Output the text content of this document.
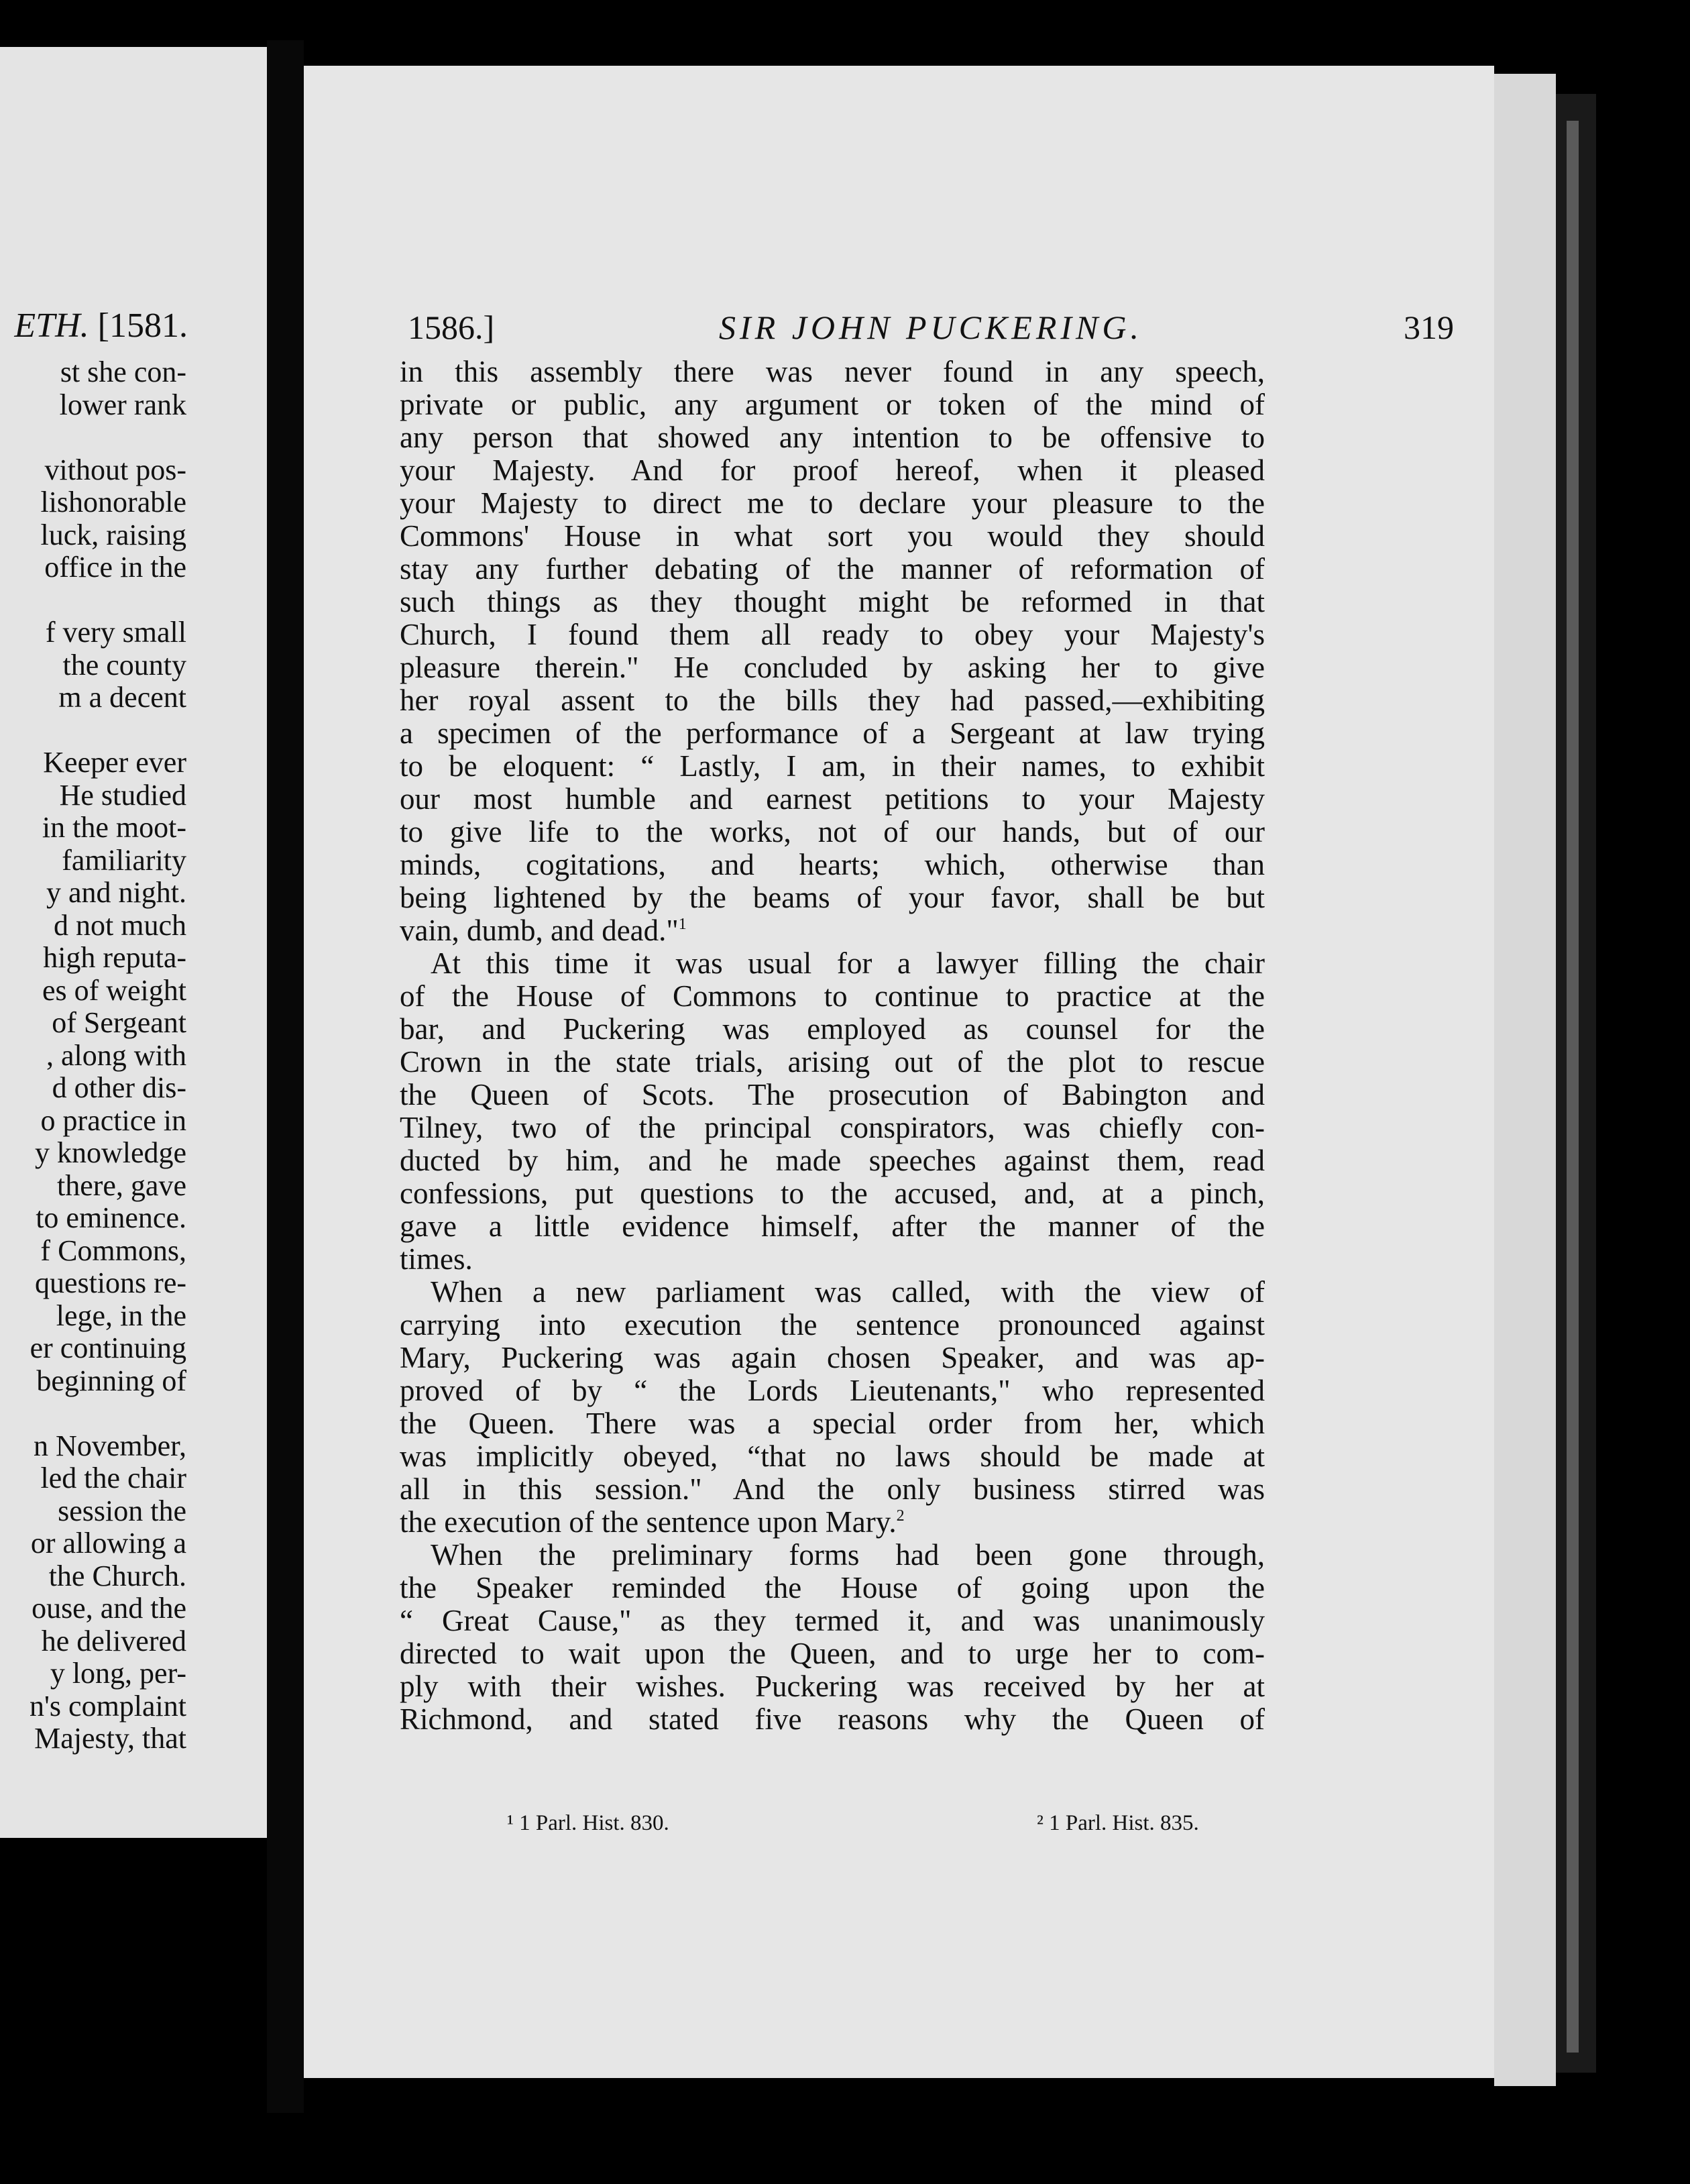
ETH. [1581.
st she con-
lower rank
vithout pos-
lishonorable
luck, raising
office in the
f very small
the county
m a decent
Keeper ever
He studied
in the moot-
familiarity
y and night.
d not much
high reputa-
es of weight
of Sergeant
, along with
d other dis-
o practice in
y knowledge
there, gave
to eminence.
f Commons,
questions re-
lege, in the
er continuing
beginning of
n November,
led the chair
session the
or allowing a
the Church.
ouse, and the
he delivered
y long, per-
n's complaint
Majesty, that
1586.]	SIR JOHN PUCKERING.	319
in this assembly there was never found in any speech,
private or public, any argument or token of the mind of
any person that showed any intention to be offensive to
your Majesty. And for proof hereof, when it pleased
your Majesty to direct me to declare your pleasure to the
Commons' House in what sort you would they should
stay any further debating of the manner of reformation of
such things as they thought might be reformed in that
Church, I found them all ready to obey your Majesty's
pleasure therein." He concluded by asking her to give
her royal assent to the bills they had passed,—exhibiting
a specimen of the performance of a Sergeant at law trying
to be eloquent: “ Lastly, I am, in their names, to exhibit
our most humble and earnest petitions to your Majesty
to give life to the works, not of our hands, but of our
minds, cogitations, and hearts; which, otherwise than
being lightened by the beams of your favor, shall be but
vain, dumb, and dead."$^1$
At this time it was usual for a lawyer filling the chair
of the House of Commons to continue to practice at the
bar, and Puckering was employed as counsel for the
Crown in the state trials, arising out of the plot to rescue
the Queen of Scots. The prosecution of Babington and
Tilney, two of the principal conspirators, was chiefly con-
ducted by him, and he made speeches against them, read
confessions, put questions to the accused, and, at a pinch,
gave a little evidence himself, after the manner of the
times.
When a new parliament was called, with the view of
carrying into execution the sentence pronounced against
Mary, Puckering was again chosen Speaker, and was ap-
proved of by “ the Lords Lieutenants," who represented
the Queen. There was a special order from her, which
was implicitly obeyed, “that no laws should be made at
all in this session." And the only business stirred was
the execution of the sentence upon Mary.$^2$
When the preliminary forms had been gone through,
the Speaker reminded the House of going upon the
“ Great Cause," as they termed it, and was unanimously
directed to wait upon the Queen, and to urge her to com-
ply with their wishes. Puckering was received by her at
Richmond, and stated five reasons why the Queen of
¹ 1 Parl. Hist. 830.	² 1 Parl. Hist. 835.
